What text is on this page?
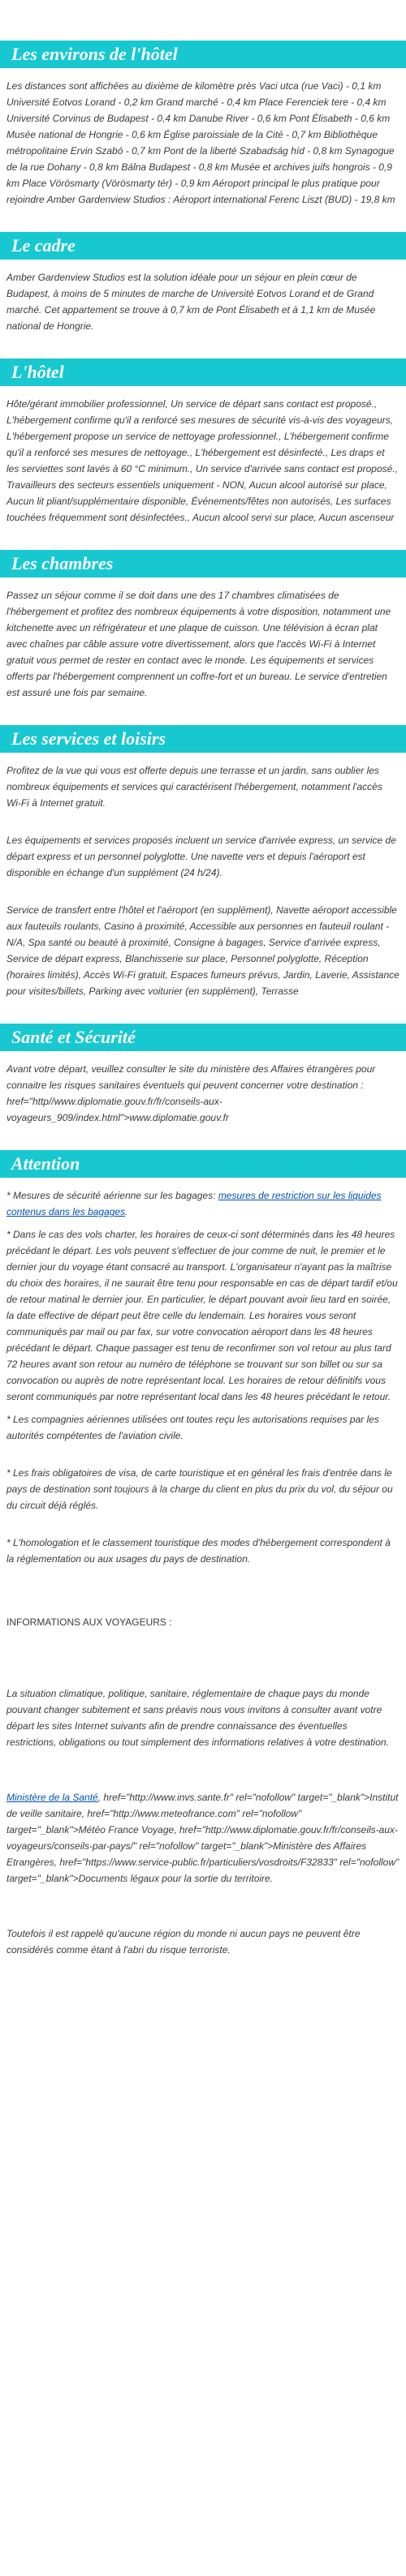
Les environs de l'hôtel
Les distances sont affichées au dixième de kilomètre près Vaci utca (rue Vaci) - 0,1 km Université Eotvos Lorand - 0,2 km Grand marché - 0,4 km Place Ferenciek tere - 0,4 km Université Corvinus de Budapest - 0,4 km Danube River - 0,6 km Pont Élisabeth - 0,6 km Musée national de Hongrie - 0,6 km Église paroissiale de la Cité - 0,7 km Bibliothèque métropolitaine Ervin Szabó - 0,7 km Pont de la liberté Szabadság híd - 0,8 km Synagogue de la rue Dohany - 0,8 km Bálna Budapest - 0,8 km Musée et archives juifs hongrois - 0,9 km Place Vörösmarty (Vörösmarty tér) - 0,9 km Aéroport principal le plus pratique pour rejoindre Amber Gardenview Studios : Aéroport international Ferenc Liszt (BUD) - 19,8 km
Le cadre
Amber Gardenview Studios est la solution idéale pour un séjour en plein cœur de Budapest, à moins de 5 minutes de marche de Université Eotvos Lorand et de Grand marché. Cet appartement se trouve à 0,7 km de Pont Élisabeth et à 1,1 km de Musée national de Hongrie.
L'hôtel
Hôte/gérant immobilier professionnel, Un service de départ sans contact est proposé., L'hébergement confirme qu'il a renforcé ses mesures de sécurité vis-à-vis des voyageurs, L'hébergement propose un service de nettoyage professionnel., L'hébergement confirme qu'il a renforcé ses mesures de nettoyage., L'hébergement est désinfecté., Les draps et les serviettes sont lavés à 60 °C minimum., Un service d'arrivée sans contact est proposé., Travailleurs des secteurs essentiels uniquement - NON, Aucun alcool autorisé sur place, Aucun lit pliant/supplémentaire disponible, Événements/fêtes non autorisés, Les surfaces touchées fréquemment sont désinfectées., Aucun alcool servi sur place, Aucun ascenseur
Les chambres
Passez un séjour comme il se doit dans une des 17 chambres climatisées de l'hébergement et profitez des nombreux équipements à votre disposition, notamment une kitchenette avec un réfrigérateur et une plaque de cuisson. Une télévision à écran plat avec chaînes par câble assure votre divertissement, alors que l'accès Wi-Fi à Internet gratuit vous permet de rester en contact avec le monde. Les équipements et services offerts par l'hébergement comprennent un coffre-fort et un bureau. Le service d'entretien est assuré une fois par semaine.
Les services et loisirs

Profitez de la vue qui vous est offerte depuis une terrasse et un jardin, sans oublier les nombreux équipements et services qui caractérisent l'hébergement, notamment l'accès Wi-Fi à Internet gratuit.

Les équipements et services proposés incluent un service d'arrivée express, un service de départ express et un personnel polyglotte. Une navette vers et depuis l'aéroport est disponible en échange d'un supplément (24 h/24).

Service de transfert entre l'hôtel et l'aéroport (en supplément), Navette aéroport accessible aux fauteuils roulants, Casino à proximité, Accessible aux personnes en fauteuil roulant - N/A, Spa santé ou beauté à proximité, Consigne à bagages, Service d'arrivée express, Service de départ express, Blanchisserie sur place, Personnel polyglotte, Réception (horaires limités), Accès Wi-Fi gratuit, Espaces fumeurs prévus, Jardin, Laverie, Assistance pour visites/billets, Parking avec voiturier (en supplément), Terrasse

Santé et Sécurité
Avant votre départ, veuillez consulter le site du ministère des Affaires étrangères pour connaitre les risques sanitaires éventuels qui peuvent concerner votre destination : href="http//www.diplomatie.gouv.fr/fr/conseils-aux-voyageurs_909/index.html">www.diplomatie.gouv.fr
Attention

* Mesures de sécurité aérienne sur les bagages: mesures de restriction sur les liquides contenus dans les bagages.

* Dans le cas des vols charter, les horaires de ceux-ci sont déterminés dans les 48 heures précédant le départ. Les vols peuvent s'effectuer de jour comme de nuit, le premier et le dernier jour du voyage étant consacré au transport. L'organisateur n'ayant pas la maîtrise du choix des horaires, il ne saurait être tenu pour responsable en cas de départ tardif et/ou de retour matinal le dernier jour. En particulier, le départ pouvant avoir lieu tard en soirée, la date effective de départ peut être celle du lendemain. Les horaires vous seront communiqués par mail ou par fax, sur votre convocation aéroport dans les 48 heures précédant le départ. Chaque passager est tenu de reconfirmer son vol retour au plus tard 72 heures avant son retour au numéro de téléphone se trouvant sur son billet ou sur sa convocation ou auprès de notre représentant local. Les horaires de retour définitifs vous seront communiqués par notre représentant local dans les 48 heures précédant le retour.

* Les compagnies aériennes utilisées ont toutes reçu les autorisations requises par les autorités compétentes de l'aviation civile.

* Les frais obligatoires de visa, de carte touristique et en général les frais d'entrée dans le pays de destination sont toujours à la charge du client en plus du prix du vol, du séjour ou du circuit déjà réglés.

* L'homologation et le classement touristique des modes d'hébergement correspondent à la réglementation ou aux usages du pays de destination.

INFORMATIONS AUX VOYAGEURS :

La situation climatique, politique, sanitaire, réglementaire de chaque pays du monde pouvant changer subitement et sans préavis nous vous invitons à consulter avant votre départ les sites Internet suivants afin de prendre connaissance des éventuelles restrictions, obligations ou tout simplement des informations relatives à votre destination.

Ministère de la Santé, href="http://www.invs.sante.fr" rel="nofollow" target="_blank">Institut de veille sanitaire, href="http://www.meteofrance.com" rel="nofollow" target="_blank">Météo France Voyage, href="http://www.diplomatie.gouv.fr/fr/conseils-aux-voyageurs/conseils-par-pays/" rel="nofollow" target="_blank">Ministère des Affaires Etrangères, href="https://www.service-public.fr/particuliers/vosdroits/F32833" rel="nofollow" target="_blank">Documents légaux pour la sortie du territoire.

Toutefois il est rappelé qu'aucune région du monde ni aucun pays ne peuvent être considérés comme étant à l'abri du risque terroriste.
